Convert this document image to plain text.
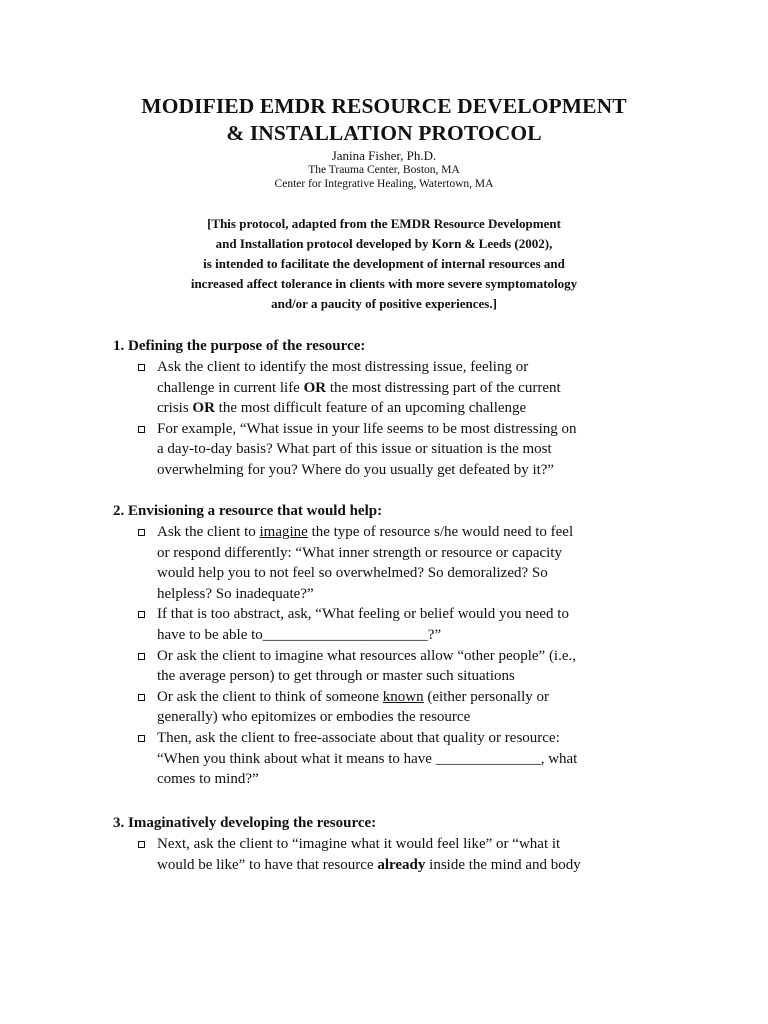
MODIFIED EMDR RESOURCE DEVELOPMENT
& INSTALLATION PROTOCOL

Janina Fisher, Ph.D.

The Trauma Center, Boston, MA

Center for Integrative Healing, Watertown, MA

[This protocol, adapted from the EMDR Resource Development
and Installation protocol developed by Korn & Leeds (2002),
is intended to facilitate the development of internal resources and
increased affect tolerance in clients with more severe symptomatology
and/or a paucity of positive experiences.]

1. Defining the purpose of the resource:

Ask the client to identify the most distressing issue, feeling or

challenge in current life OR the most distressing part of the current

crisis OR the most difficult feature of an upcoming challenge

For example, “What issue in your life seems to be most distressing on

a day-to-day basis? What part of this issue or situation is the most

overwhelming for you? Where do you usually get defeated by it?”

2. Envisioning a resource that would help:

Ask the client to imagine the type of resource s/he would need to feel

or respond differently: “What inner strength or resource or capacity

would help you to not feel so overwhelmed? So demoralized? So

helpless? So inadequate?”

If that is too abstract, ask, “What feeling or belief would you need to

have to be able to______________________?”

Or ask the client to imagine what resources allow “other people” (i.e.,

the average person) to get through or master such situations

Or ask the client to think of someone known (either personally or

generally) who epitomizes or embodies the resource

Then, ask the client to free-associate about that quality or resource:

“When you think about what it means to have ______________, what

comes to mind?”

3. Imaginatively developing the resource:

Next, ask the client to “imagine what it would feel like” or “what it

would be like” to have that resource already inside the mind and body
